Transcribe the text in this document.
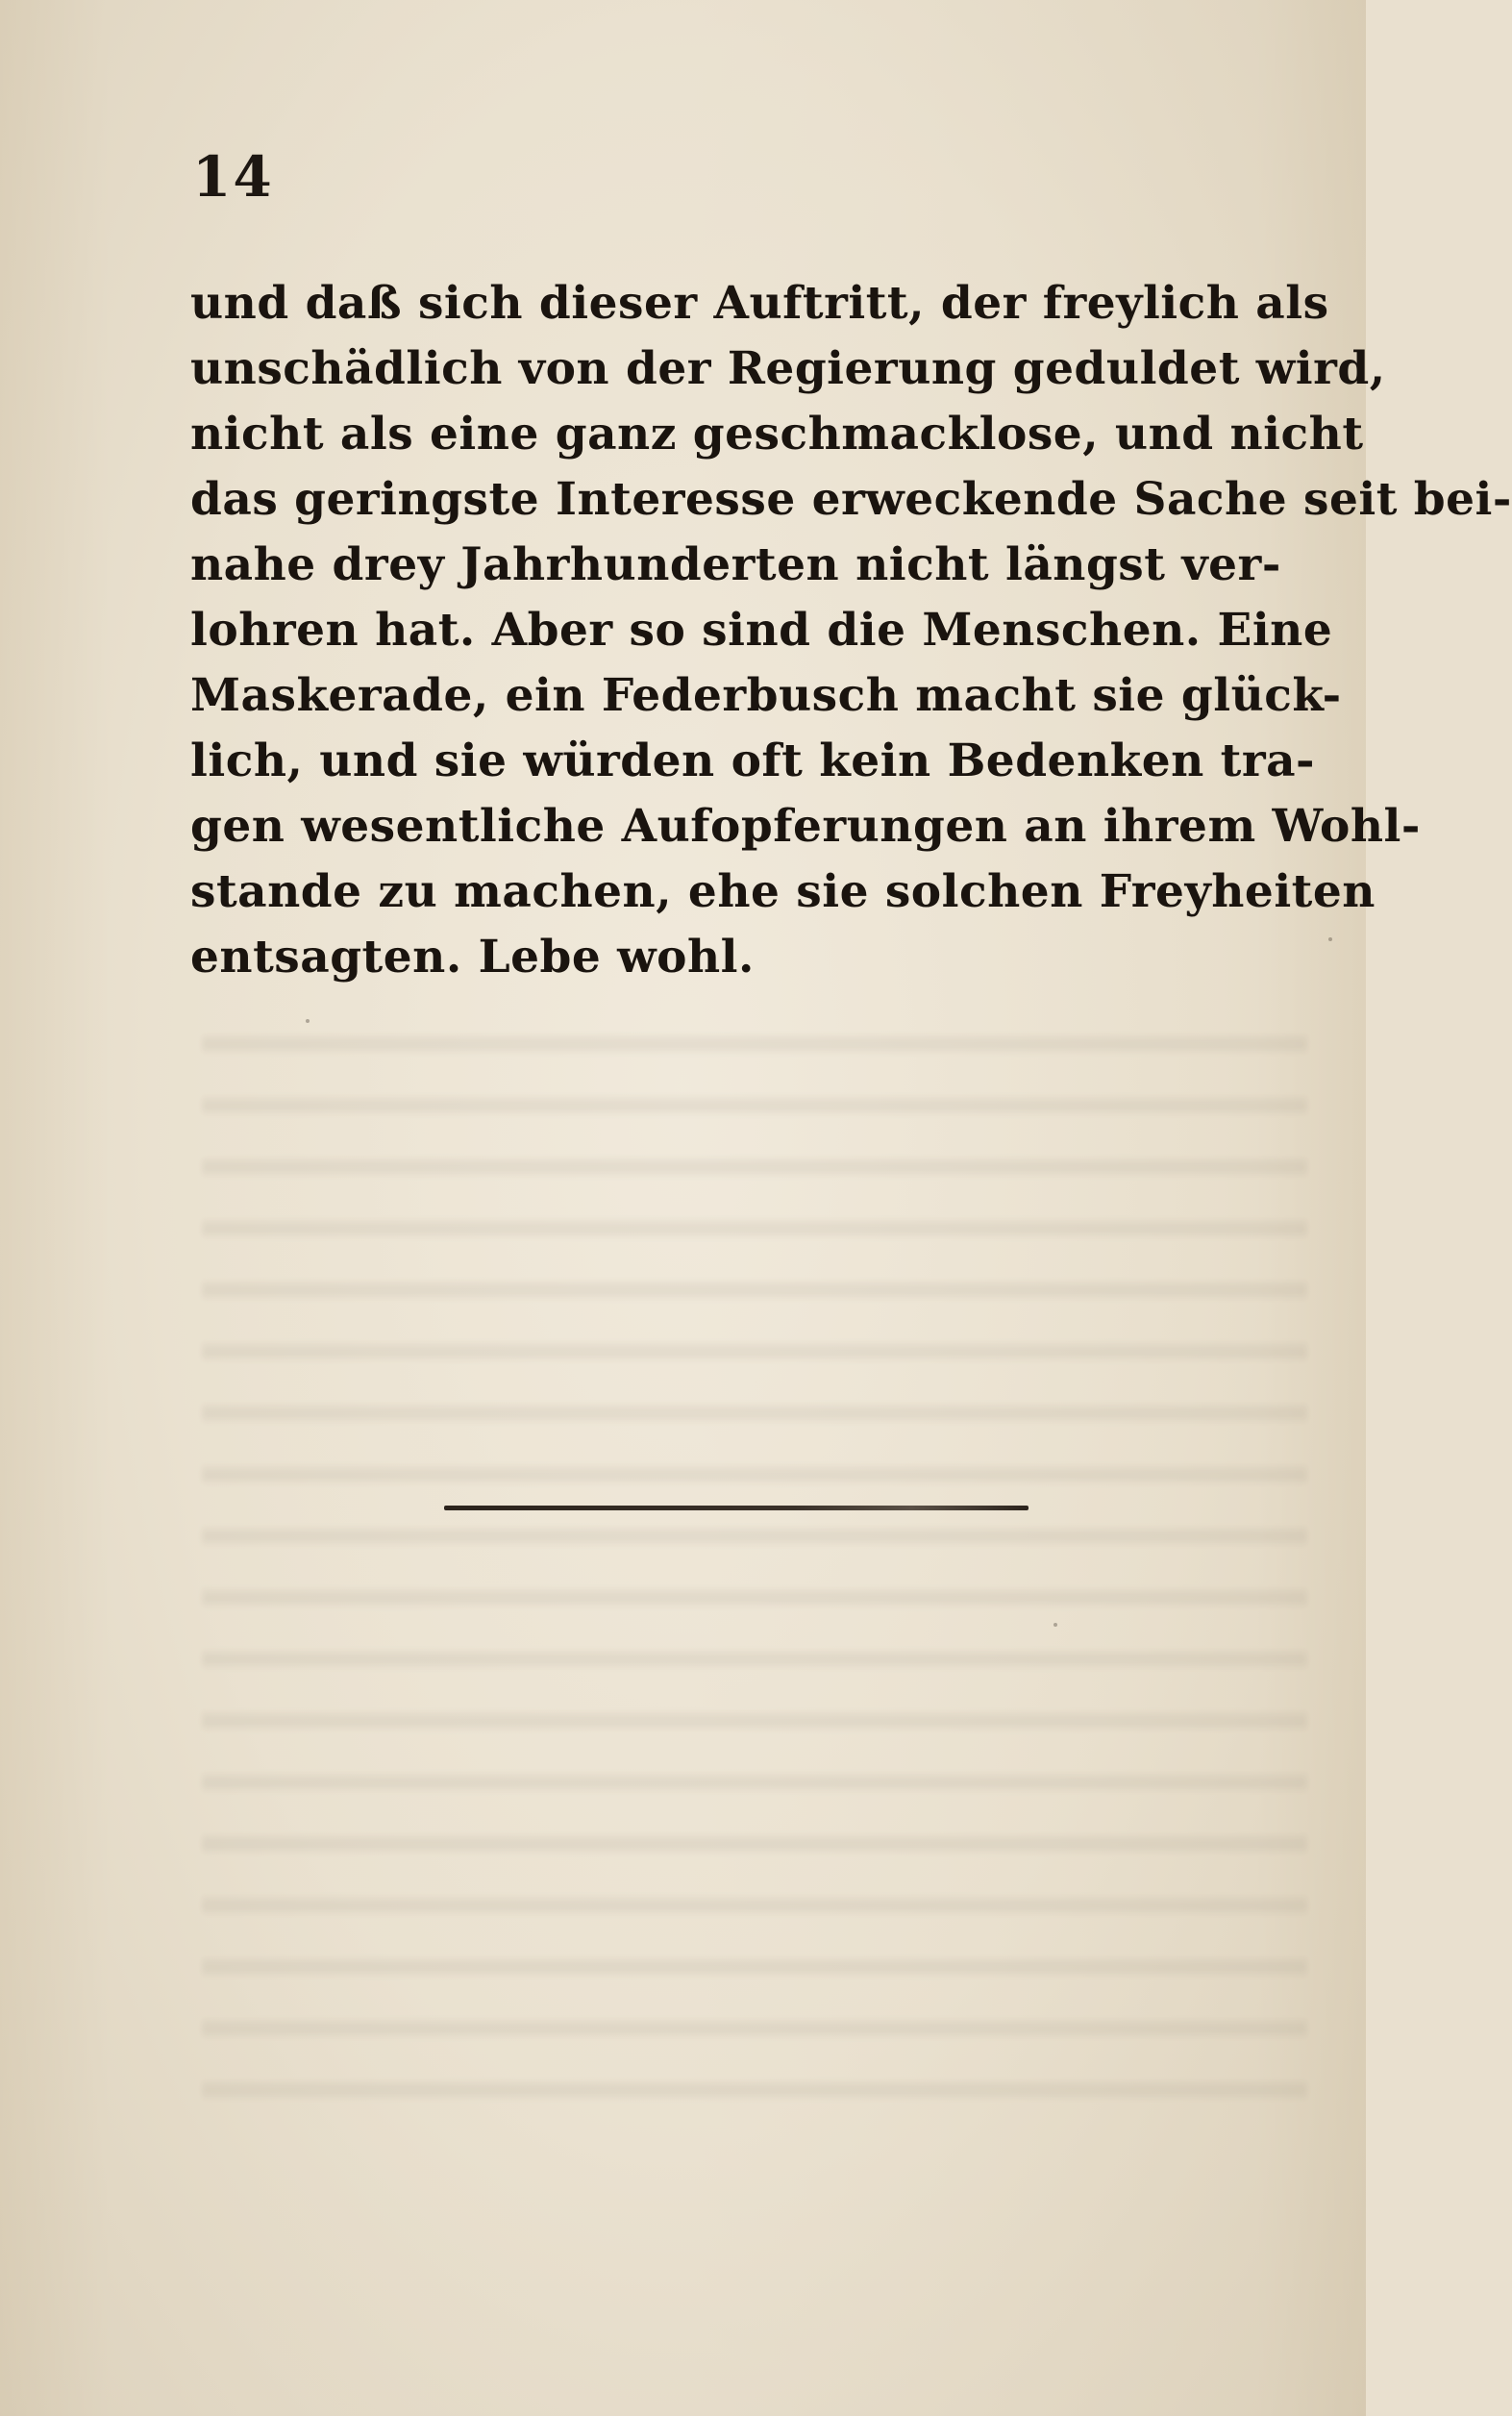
14
und daß sich dieser Auftritt, der freylich als
unschädlich von der Regierung geduldet wird,
nicht als eine ganz geschmacklose, und nicht
das geringste Interesse erweckende Sache seit bei-
nahe drey Jahrhunderten nicht längst ver-
lohren hat. Aber so sind die Menschen. Eine
Maskerade, ein Federbusch macht sie glück-
lich, und sie würden oft kein Bedenken tra-
gen wesentliche Aufopferungen an ihrem Wohl-
stande zu machen, ehe sie solchen Freyheiten
entsagten. Lebe wohl.
